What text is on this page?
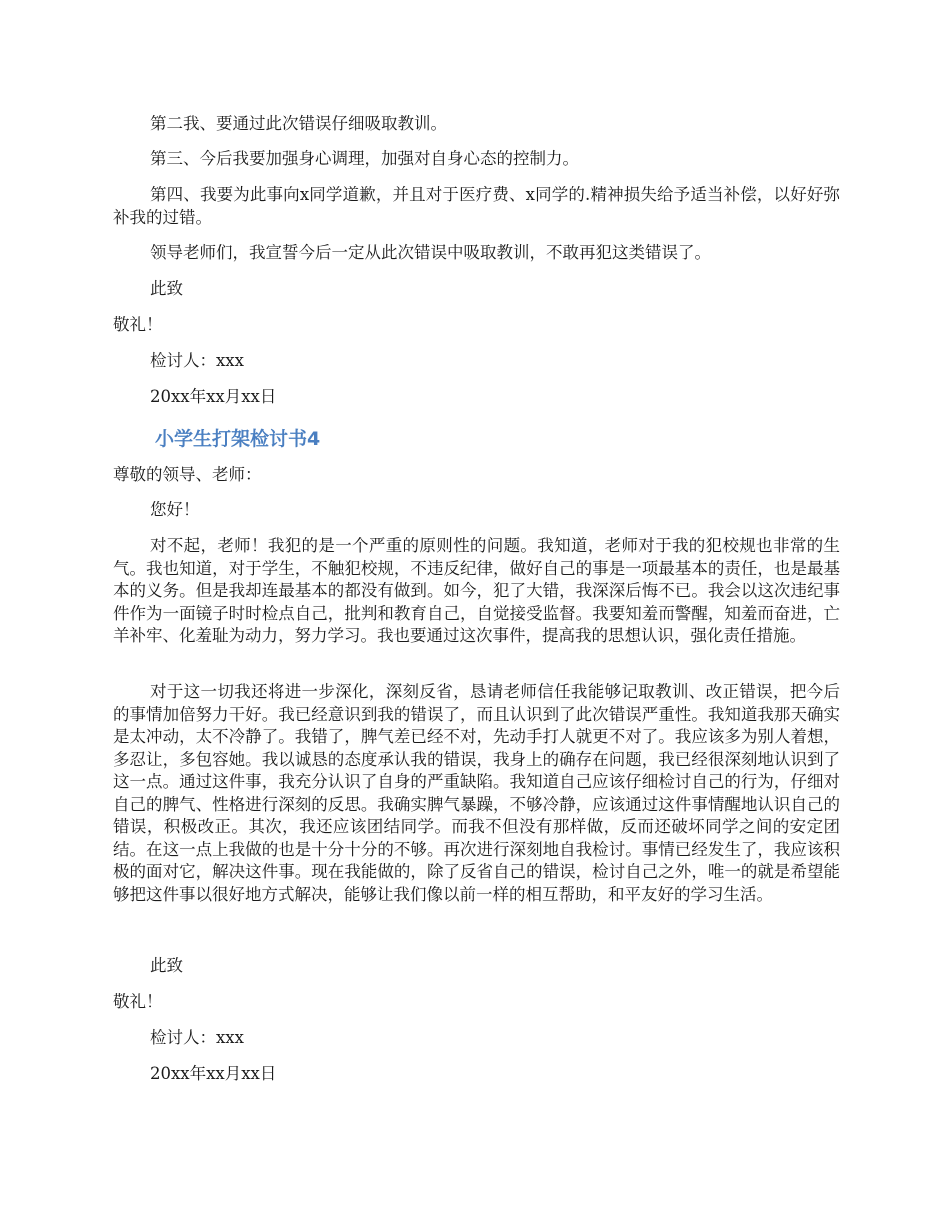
第二我、要通过此次错误仔细吸取教训。

第三、今后我要加强身心调理，加强对自身心态的控制力。

第四、我要为此事向x同学道歉，并且对于医疗费、x同学的.精神损失给予适当补偿，以好好弥补我的过错。

领导老师们，我宣誓今后一定从此次错误中吸取教训，不敢再犯这类错误了。

此致

敬礼！

检讨人：xxx

20xx年xx月xx日

小学生打架检讨书4

尊敬的领导、老师：

您好！

对不起，老师！我犯的是一个严重的原则性的问题。我知道，老师对于我的犯校规也非常的生气。我也知道，对于学生，不触犯校规，不违反纪律，做好自己的事是一项最基本的责任，也是最基本的义务。但是我却连最基本的都没有做到。如今，犯了大错，我深深后悔不已。我会以这次违纪事件作为一面镜子时时检点自己，批判和教育自己，自觉接受监督。我要知羞而警醒，知羞而奋进，亡羊补牢、化羞耻为动力，努力学习。我也要通过这次事件，提高我的思想认识，强化责任措施。

对于这一切我还将进一步深化，深刻反省，恳请老师信任我能够记取教训、改正错误，把今后的事情加倍努力干好。我已经意识到我的错误了，而且认识到了此次错误严重性。我知道我那天确实是太冲动，太不冷静了。我错了，脾气差已经不对，先动手打人就更不对了。我应该多为别人着想，多忍让，多包容她。我以诚恳的态度承认我的错误，我身上的确存在问题，我已经很深刻地认识到了这一点。通过这件事，我充分认识了自身的严重缺陷。我知道自己应该仔细检讨自己的行为，仔细对自己的脾气、性格进行深刻的反思。我确实脾气暴躁，不够冷静，应该通过这件事情醒地认识自己的错误，积极改正。其次，我还应该团结同学。而我不但没有那样做，反而还破坏同学之间的安定团结。在这一点上我做的也是十分十分的不够。再次进行深刻地自我检讨。事情已经发生了，我应该积极的面对它，解决这件事。现在我能做的，除了反省自己的错误，检讨自己之外，唯一的就是希望能够把这件事以很好地方式解决，能够让我们像以前一样的相互帮助，和平友好的学习生活。

此致

敬礼！

检讨人：xxx

20xx年xx月xx日
